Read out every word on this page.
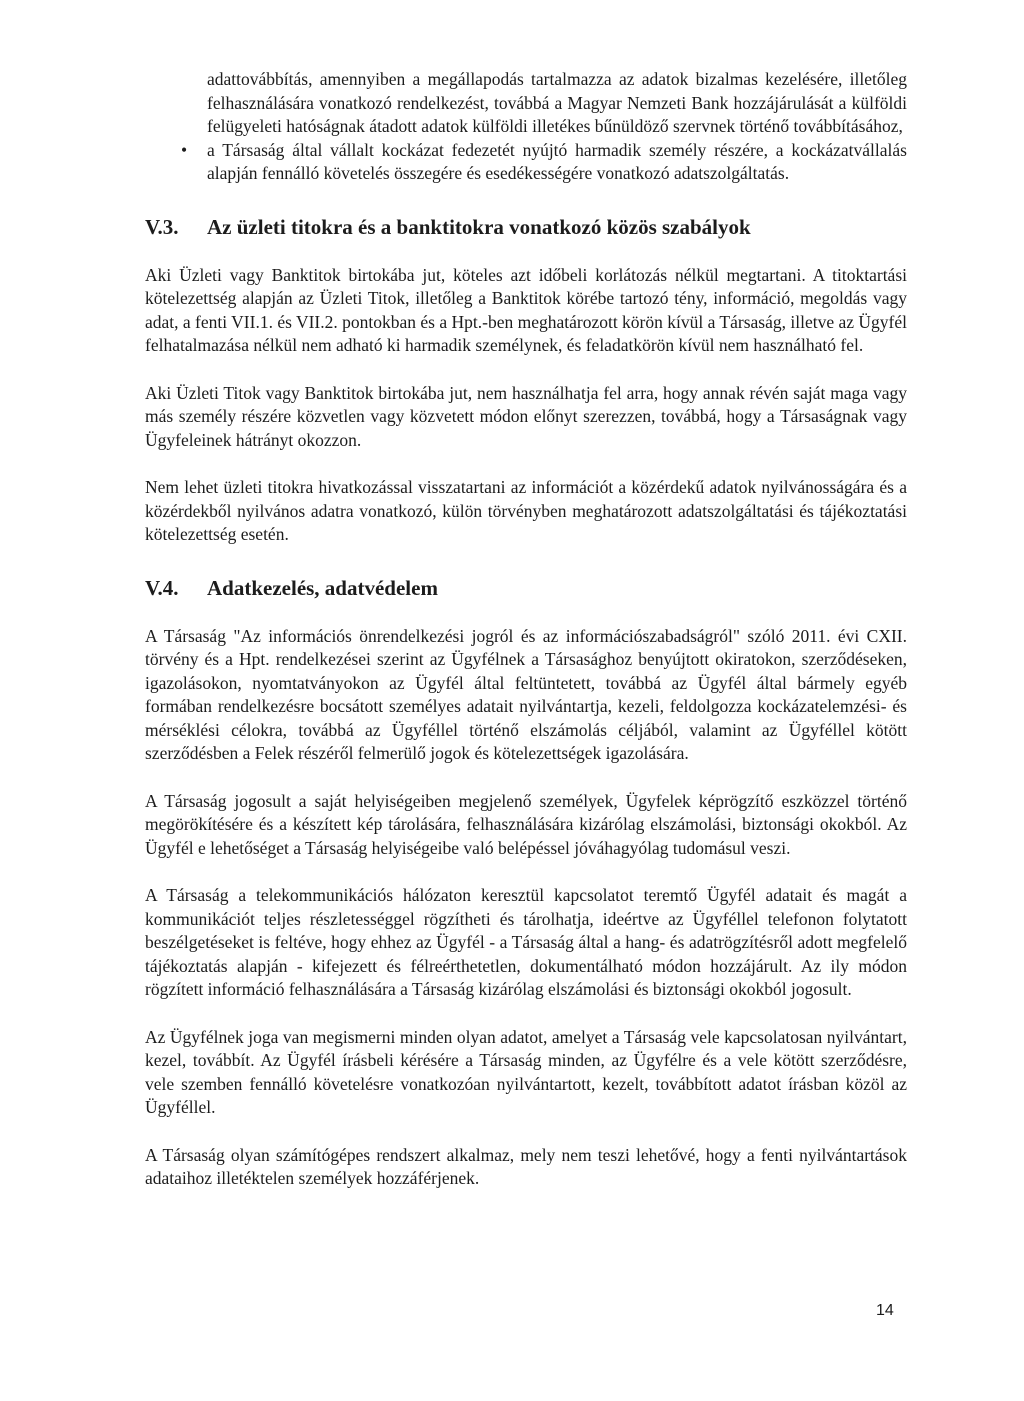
adattovábbítás, amennyiben a megállapodás tartalmazza az adatok bizalmas kezelésére, illetőleg felhasználására vonatkozó rendelkezést, továbbá a Magyar Nemzeti Bank hozzájárulását a külföldi felügyeleti hatóságnak átadott adatok külföldi illetékes bűnüldöző szervnek történő továbbításához,

• a Társaság által vállalt kockázat fedezetét nyújtó harmadik személy részére, a kockázatvállalás alapján fennálló követelés összegére és esedékességére vonatkozó adatszolgáltatás.

V.3.	Az üzleti titokra és a banktitokra vonatkozó közös szabályok

Aki Üzleti vagy Banktitok birtokába jut, köteles azt időbeli korlátozás nélkül megtartani. A titoktartási kötelezettség alapján az Üzleti Titok, illetőleg a Banktitok körébe tartozó tény, információ, megoldás vagy adat, a fenti VII.1. és VII.2. pontokban és a Hpt.-ben meghatározott körön kívül a Társaság, illetve az Ügyfél felhatalmazása nélkül nem adható ki harmadik személynek, és feladatkörön kívül nem használható fel.

Aki Üzleti Titok vagy Banktitok birtokába jut, nem használhatja fel arra, hogy annak révén saját maga vagy más személy részére közvetlen vagy közvetett módon előnyt szerezzen, továbbá, hogy a Társaságnak vagy Ügyfeleinek hátrányt okozzon.

Nem lehet üzleti titokra hivatkozással visszatartani az információt a közérdekű adatok nyilvánosságára és a közérdekből nyilvános adatra vonatkozó, külön törvényben meghatározott adatszolgáltatási és tájékoztatási kötelezettség esetén.

V.4.	Adatkezelés, adatvédelem

A Társaság "Az információs önrendelkezési jogról és az információszabadságról" szóló 2011. évi CXII. törvény és a Hpt. rendelkezései szerint az Ügyfélnek a Társasághoz benyújtott okiratokon, szerződéseken, igazolásokon, nyomtatványokon az Ügyfél által feltüntetett, továbbá az Ügyfél által bármely egyéb formában rendelkezésre bocsátott személyes adatait nyilvántartja, kezeli, feldolgozza kockázatelemzési- és mérséklési célokra, továbbá az Ügyféllel történő elszámolás céljából, valamint az Ügyféllel kötött szerződésben a Felek részéről felmerülő jogok és kötelezettségek igazolására.

A Társaság jogosult a saját helyiségeiben megjelenő személyek, Ügyfelek képrögzítő eszközzel történő megörökítésére és a készített kép tárolására, felhasználására kizárólag elszámolási, biztonsági okokból. Az Ügyfél e lehetőséget a Társaság helyiségeibe való belépéssel jóváhagyólag tudomásul veszi.

A Társaság a telekommunikációs hálózaton keresztül kapcsolatot teremtő Ügyfél adatait és magát a kommunikációt teljes részletességgel rögzítheti és tárolhatja, ideértve az Ügyféllel telefonon folytatott beszélgetéseket is feltéve, hogy ehhez az Ügyfél - a Társaság által a hang- és adatrögzítésről adott megfelelő tájékoztatás alapján - kifejezett és félreérthetetlen, dokumentálható módon hozzájárult. Az ily módon rögzített információ felhasználására a Társaság kizárólag elszámolási és biztonsági okokból jogosult.

Az Ügyfélnek joga van megismerni minden olyan adatot, amelyet a Társaság vele kapcsolatosan nyilvántart, kezel, továbbít. Az Ügyfél írásbeli kérésére a Társaság minden, az Ügyfélre és a vele kötött szerződésre, vele szemben fennálló követelésre vonatkozóan nyilvántartott, kezelt, továbbított adatot írásban közöl az Ügyféllel.

A Társaság olyan számítógépes rendszert alkalmaz, mely nem teszi lehetővé, hogy a fenti nyilvántartások adataihoz illetéktelen személyek hozzáférjenek.

14
